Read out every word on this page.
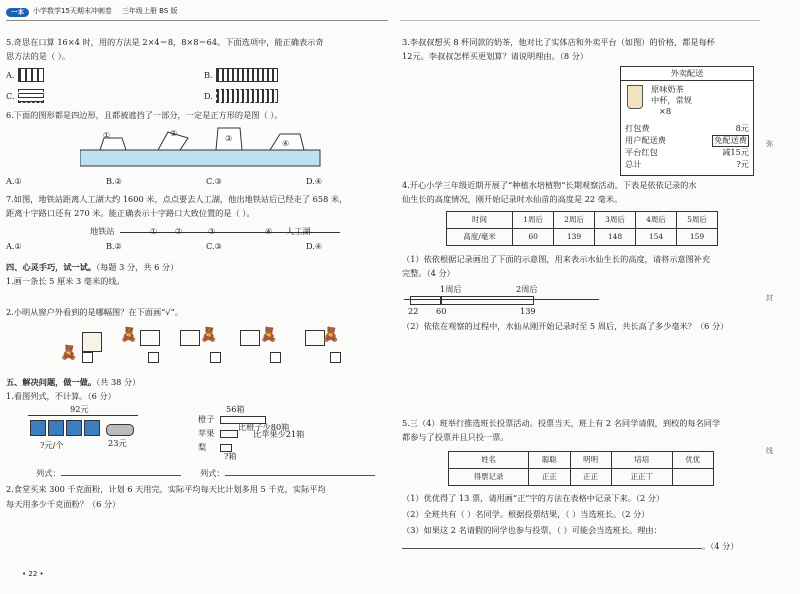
一本	小学数学15天期末冲刺卷 三年级上册 BS 版
5.奇思在口算 16×4 时，用的方法是 2×4＝8，8×8＝64。下面选项中，能正确表示奇
思方法的是（ ）。
A.	B.
C.	D.
6.下面的图形都是四边形，且都被遮挡了一部分，一定是正方形的是图（ ）。
①	②	③	④
A.①	B.②	C.③	D.④
7.如图，地铁站距离人工湖大约 1600 米，点点要去人工湖，他出地铁站后已经走了 658 米，
距离十字路口还有 270 米。能正确表示十字路口大致位置的是（ ）。
地铁站	① ②	③	④ 人工湖
A.①	B.②	C.③	D.④
四、心灵手巧，试一试。（每题 3 分，共 6 分）
1.画一条长 5 厘米 3 毫米的线。
2.小明从窗户外看到的是哪幅图？在下面画“√”。
🧸
🧸	🧸	🧸	🧸
五、解决问题，做一做。（共 38 分）
1.看图列式，不计算。（6 分）
92元
?元/个	23元
56箱
橙子
比橙子少80箱
苹果	比苹果少21箱
梨
?箱
列式：	列式：
2.食堂买来 300 千克面粉，计划 6 天用完，实际平均每天比计划多用 5 千克，实际平均
每天用多少千克面粉？（6 分）
• 22 •
3.李叔叔想买 8 杯同款的奶茶，他对比了实体店和外卖平台（如图）的价格，都是每杯
12元。李叔叔怎样买更划算？请说明理由。（8 分）
外卖配送
原味奶茶
中杯，常规
×8
打包费	8元
用户配送费	免配送费
平台红包	减15元
总计	?元
4.开心小学三年级近期开展了“种植水培植物”长期观察活动。下表是依依记录的水
仙生长的高度情况，刚开始记录时水仙苗的高度是 22 毫米。
时间	1周后	2周后	3周后	4周后	5周后
高度/毫米	60	139	148	154	159
（1）依依根据记录画出了下面的示意图，用来表示水仙生长的高度，请将示意图补充
完整。（4 分）
1周后	2周后
22 60	139
（2）依依在观察的过程中，水仙从刚开始记录时至 5 周后，共长高了多少毫米？（6 分）
5.三（4）班举行推选班长投票活动。投票当天，班上有 2 名同学请假，到校的每名同学
都参与了投票并且只投一票。
姓名	聪聪	明明	培培	优优
得票记录	正正	正正	正正丅	
（1）优优得了 13 票，请用画“正”字的方法在表格中记录下来。（2 分）
（2）全班共有（ ）名同学。根据投票结果，（ ）当选班长。（2 分）
（3）如果这 2 名请假的同学也参与投票，（ ）可能会当选班长。理由：
。（4 分）
弥
封
线
